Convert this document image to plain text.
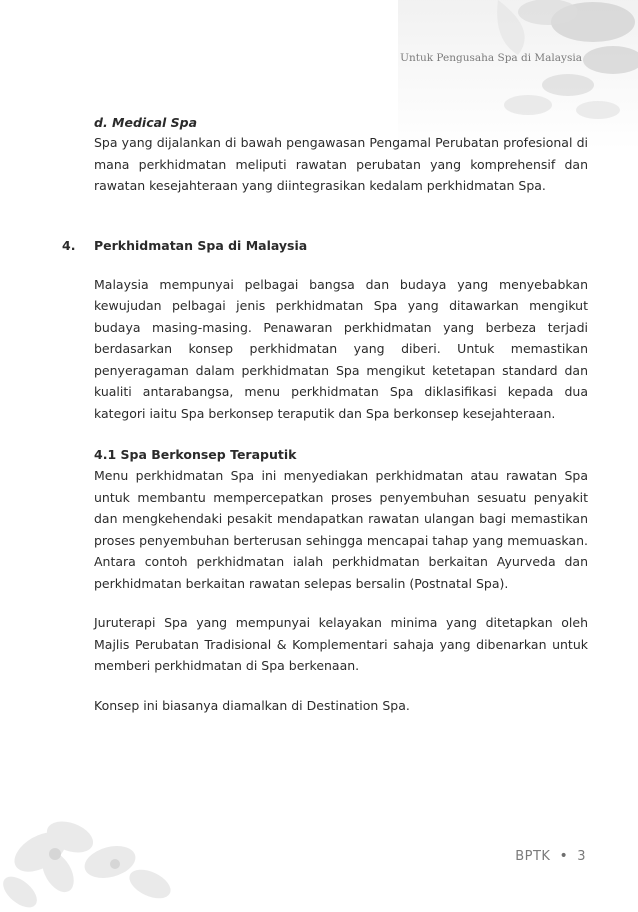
Untuk Pengusaha Spa di Malaysia
d. Medical Spa

Spa yang dijalankan di bawah pengawasan Pengamal Perubatan profesional di mana perkhidmatan meliputi rawatan perubatan yang komprehensif dan rawatan kesejahteraan yang diintegrasikan kedalam perkhidmatan Spa.

4.	Perkhidmatan Spa di Malaysia

Malaysia mempunyai pelbagai bangsa dan budaya yang menyebabkan kewujudan pelbagai jenis perkhidmatan Spa yang ditawarkan mengikut budaya masing-masing. Penawaran perkhidmatan yang berbeza terjadi berdasarkan konsep perkhidmatan yang diberi. Untuk memastikan penyeragaman dalam perkhidmatan Spa mengikut ketetapan standard dan kualiti antarabangsa, menu perkhidmatan Spa diklasifikasi kepada dua kategori iaitu Spa berkonsep teraputik dan Spa berkonsep kesejahteraan.

4.1 Spa Berkonsep Teraputik

Menu perkhidmatan Spa ini menyediakan perkhidmatan atau rawatan Spa untuk membantu mempercepatkan proses penyembuhan sesuatu penyakit dan mengkehendaki pesakit mendapatkan rawatan ulangan bagi memastikan proses penyembuhan berterusan sehingga mencapai tahap yang memuaskan. Antara contoh perkhidmatan ialah perkhidmatan berkaitan Ayurveda dan perkhidmatan berkaitan rawatan selepas bersalin (Postnatal Spa).

Juruterapi Spa yang mempunyai kelayakan minima yang ditetapkan oleh Majlis Perubatan Tradisional & Komplementari sahaja yang dibenarkan untuk memberi perkhidmatan di Spa berkenaan.

Konsep ini biasanya diamalkan di Destination Spa.

BPTK • 3
